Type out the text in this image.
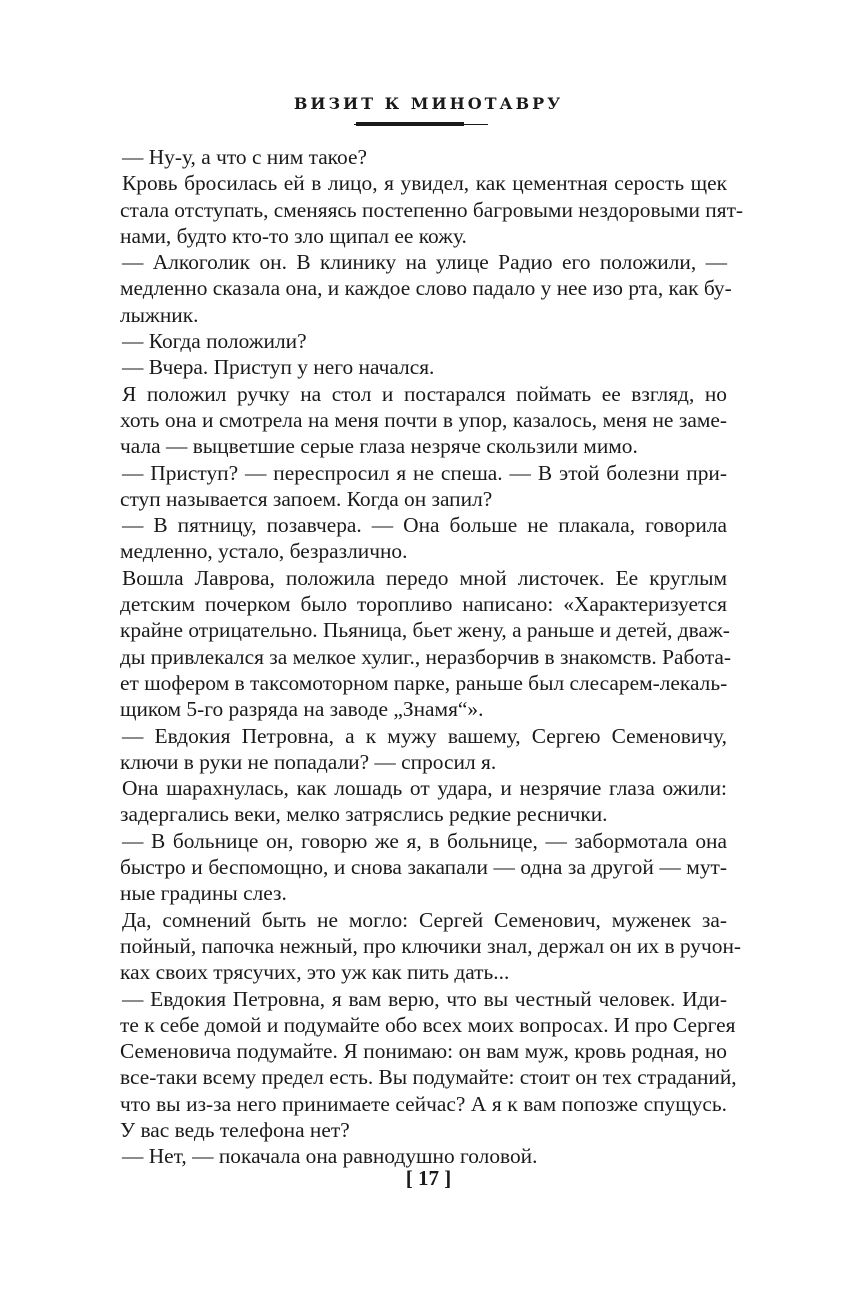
ВИЗИТ К МИНОТАВРУ

— Ну-у, а что с ним такое?

Кровь бросилась ей в лицо, я увидел, как цементная серость щек
стала отступать, сменяясь постепенно багровыми нездоровыми пят-
нами, будто кто-то зло щипал ее кожу.

— Алкоголик он. В клинику на улице Радио его положили, —
медленно сказала она, и каждое слово падало у нее изо рта, как бу-
лыжник.

— Когда положили?

— Вчера. Приступ у него начался.

Я положил ручку на стол и постарался поймать ее взгляд, но
хоть она и смотрела на меня почти в упор, казалось, меня не заме-
чала — выцветшие серые глаза незряче скользили мимо.

— Приступ? — переспросил я не спеша. — В этой болезни при-
ступ называется запоем. Когда он запил?

— В пятницу, позавчера. — Она больше не плакала, говорила
медленно, устало, безразлично.

Вошла Лаврова, положила передо мной листочек. Ее круглым
детским почерком было торопливо написано: «Характеризуется
крайне отрицательно. Пьяница, бьет жену, а раньше и детей, дваж-
ды привлекался за мелкое хулиг., неразборчив в знакомств. Работа-
ет шофером в таксомоторном парке, раньше был слесарем-лекаль-
щиком 5-го разряда на заводе „Знамя“».

— Евдокия Петровна, а к мужу вашему, Сергею Семеновичу,
ключи в руки не попадали? — спросил я.

Она шарахнулась, как лошадь от удара, и незрячие глаза ожили:
задергались веки, мелко затряслись редкие реснички.

— В больнице он, говорю же я, в больнице, — забормотала она
быстро и беспомощно, и снова закапали — одна за другой — мут-
ные градины слез.

Да, сомнений быть не могло: Сергей Семенович, муженек за-
пойный, папочка нежный, про ключики знал, держал он их в ручон-
ках своих трясучих, это уж как пить дать...

— Евдокия Петровна, я вам верю, что вы честный человек. Иди-
те к себе домой и подумайте обо всех моих вопросах. И про Сергея
Семеновича подумайте. Я понимаю: он вам муж, кровь родная, но
все-таки всему предел есть. Вы подумайте: стоит он тех страданий,
что вы из-за него принимаете сейчас? А я к вам попозже спущусь.
У вас ведь телефона нет?

— Нет, — покачала она равнодушно головой.

[ 17 ]
